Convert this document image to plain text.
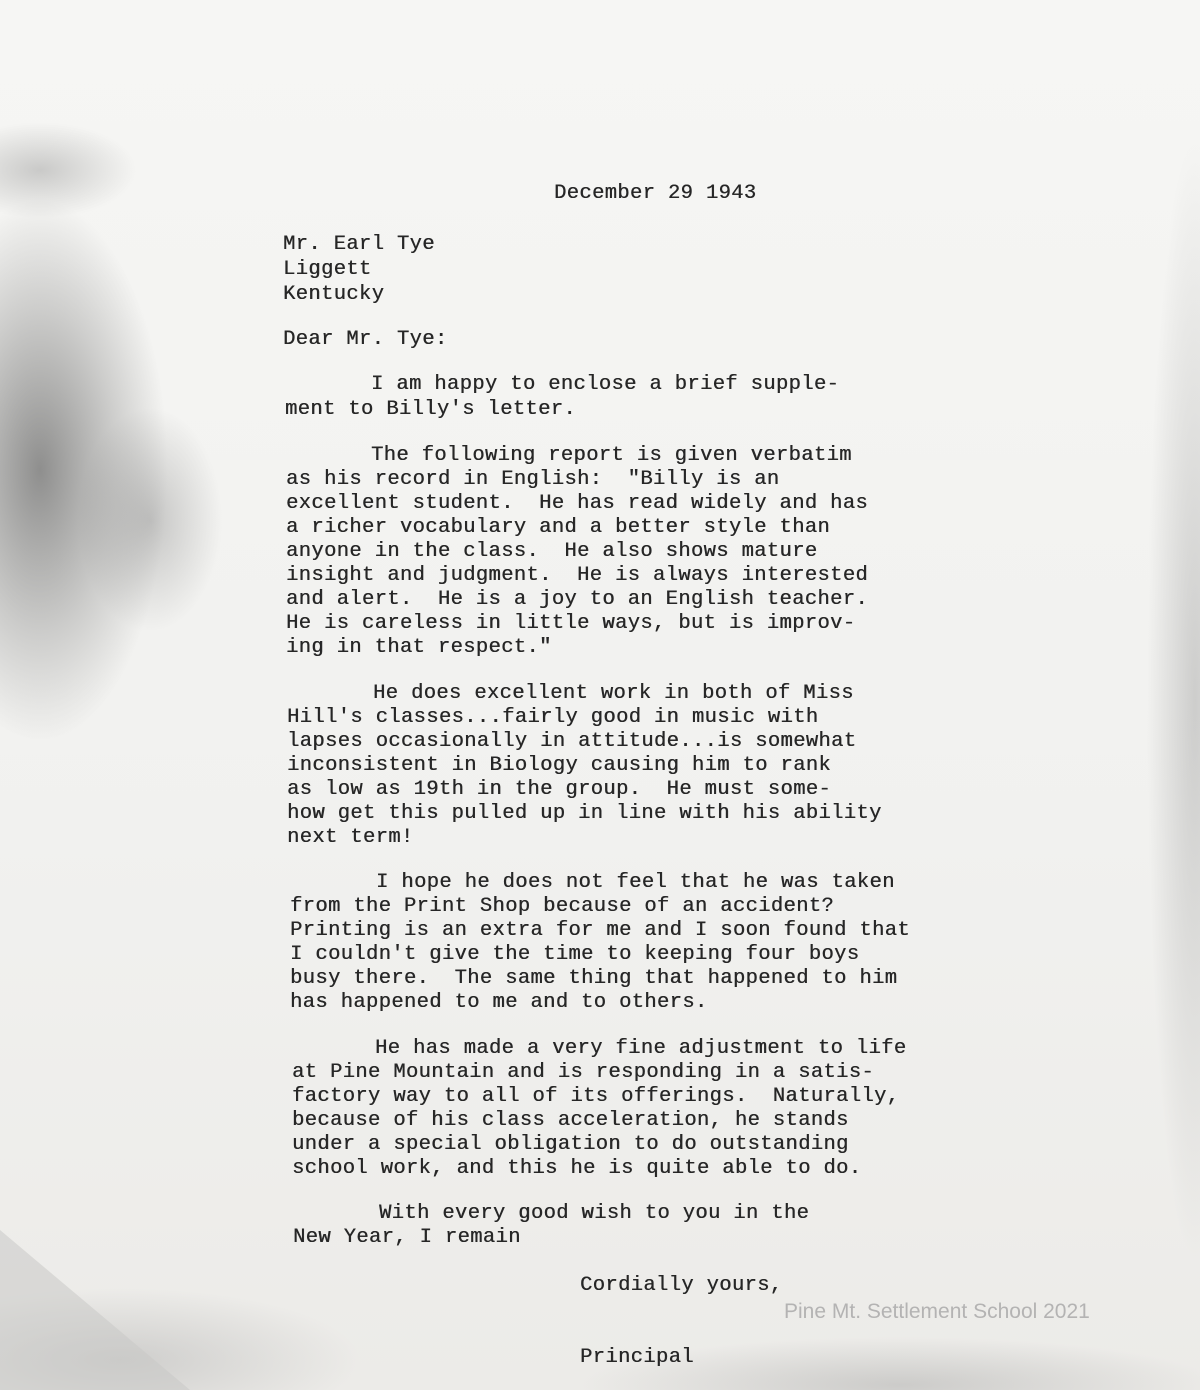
December 29 1943
Mr. Earl Tye
Liggett
Kentucky
Dear Mr. Tye:
I am happy to enclose a brief supple-
ment to Billy's letter.
The following report is given verbatim
as his record in English:  "Billy is an
excellent student.  He has read widely and has
a richer vocabulary and a better style than
anyone in the class.  He also shows mature
insight and judgment.  He is always interested
and alert.  He is a joy to an English teacher.
He is careless in little ways, but is improv-
ing in that respect."
He does excellent work in both of Miss
Hill's classes...fairly good in music with
lapses occasionally in attitude...is somewhat
inconsistent in Biology causing him to rank
as low as 19th in the group.  He must some-
how get this pulled up in line with his ability
next term!
I hope he does not feel that he was taken
from the Print Shop because of an accident?
Printing is an extra for me and I soon found that
I couldn't give the time to keeping four boys
busy there.  The same thing that happened to him
has happened to me and to others.
He has made a very fine adjustment to life
at Pine Mountain and is responding in a satis-
factory way to all of its offerings.  Naturally,
because of his class acceleration, he stands
under a special obligation to do outstanding
school work, and this he is quite able to do.
With every good wish to you in the
New Year, I remain
Cordially yours,
Principal
Pine Mt. Settlement School 2021
